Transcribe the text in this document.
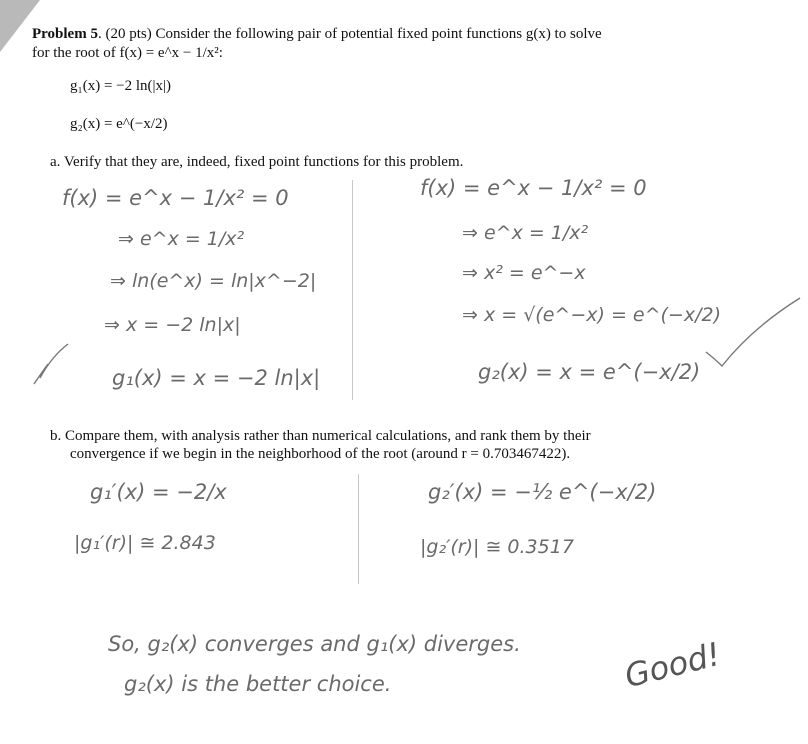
Problem 5. (20 pts) Consider the following pair of potential fixed point functions g(x) to solve
for the root of f(x) = e^x − 1/x²:
g₁(x) = −2 ln(|x|)
g₂(x) = e^(−x/2)
a. Verify that they are, indeed, fixed point functions for this problem.
f(x) = e^x − 1/x² = 0
⇒ e^x = 1/x²
⇒ ln(e^x) = ln|x^−2|
⇒ x = −2 ln|x|
g₁(x) = x = −2 ln|x|
f(x) = e^x − 1/x² = 0
⇒ e^x = 1/x²
⇒ x² = e^−x
⇒ x = √(e^−x) = e^(−x/2)
g₂(x) = x = e^(−x/2)
b. Compare them, with analysis rather than numerical calculations, and rank them by their
convergence if we begin in the neighborhood of the root (around r = 0.703467422).
g₁′(x) = −2/x
|g₁′(r)| ≅ 2.843
g₂′(x) = −½ e^(−x/2)
|g₂′(r)| ≅ 0.3517
So, g₂(x) converges and g₁(x) diverges.
g₂(x) is the better choice.	Good!
